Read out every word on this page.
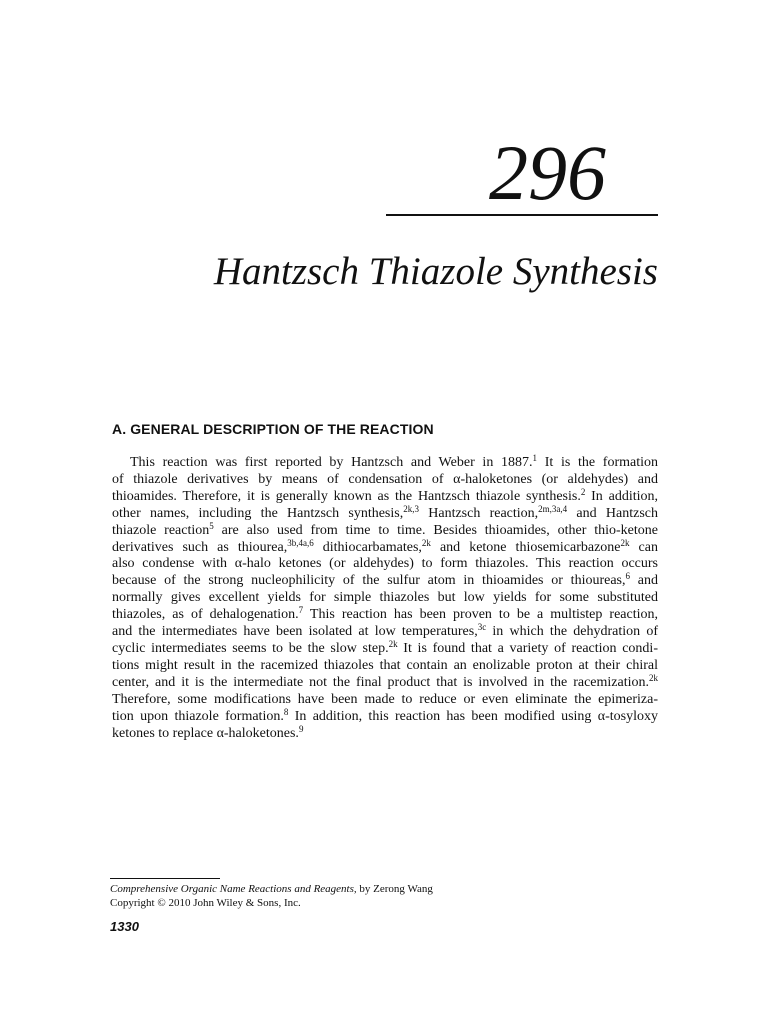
296
Hantzsch Thiazole Synthesis
A. GENERAL DESCRIPTION OF THE REACTION
This reaction was first reported by Hantzsch and Weber in 1887.$^1$ It is the formation
of thiazole derivatives by means of condensation of α-haloketones (or aldehydes) and
thioamides. Therefore, it is generally known as the Hantzsch thiazole synthesis.$^2$ In addition,
other names, including the Hantzsch synthesis,$^{2k,3}$ Hantzsch reaction,$^{2m,3a,4}$ and Hantzsch
thiazole reaction$^5$ are also used from time to time. Besides thioamides, other thio-ketone
derivatives such as thiourea,$^{3b,4a,6}$ dithiocarbamates,$^{2k}$ and ketone thiosemicarbazone$^{2k}$ can
also condense with α-halo ketones (or aldehydes) to form thiazoles. This reaction occurs
because of the strong nucleophilicity of the sulfur atom in thioamides or thioureas,$^6$ and
normally gives excellent yields for simple thiazoles but low yields for some substituted
thiazoles, as of dehalogenation.$^7$ This reaction has been proven to be a multistep reaction,
and the intermediates have been isolated at low temperatures,$^{3c}$ in which the dehydration of
cyclic intermediates seems to be the slow step.$^{2k}$ It is found that a variety of reaction condi-
tions might result in the racemized thiazoles that contain an enolizable proton at their chiral
center, and it is the intermediate not the final product that is involved in the racemization.$^{2k}$
Therefore, some modifications have been made to reduce or even eliminate the epimeriza-
tion upon thiazole formation.$^8$ In addition, this reaction has been modified using α-tosyloxy
ketones to replace α-haloketones.$^9$
Comprehensive Organic Name Reactions and Reagents, by Zerong Wang
Copyright © 2010 John Wiley & Sons, Inc.
1330
